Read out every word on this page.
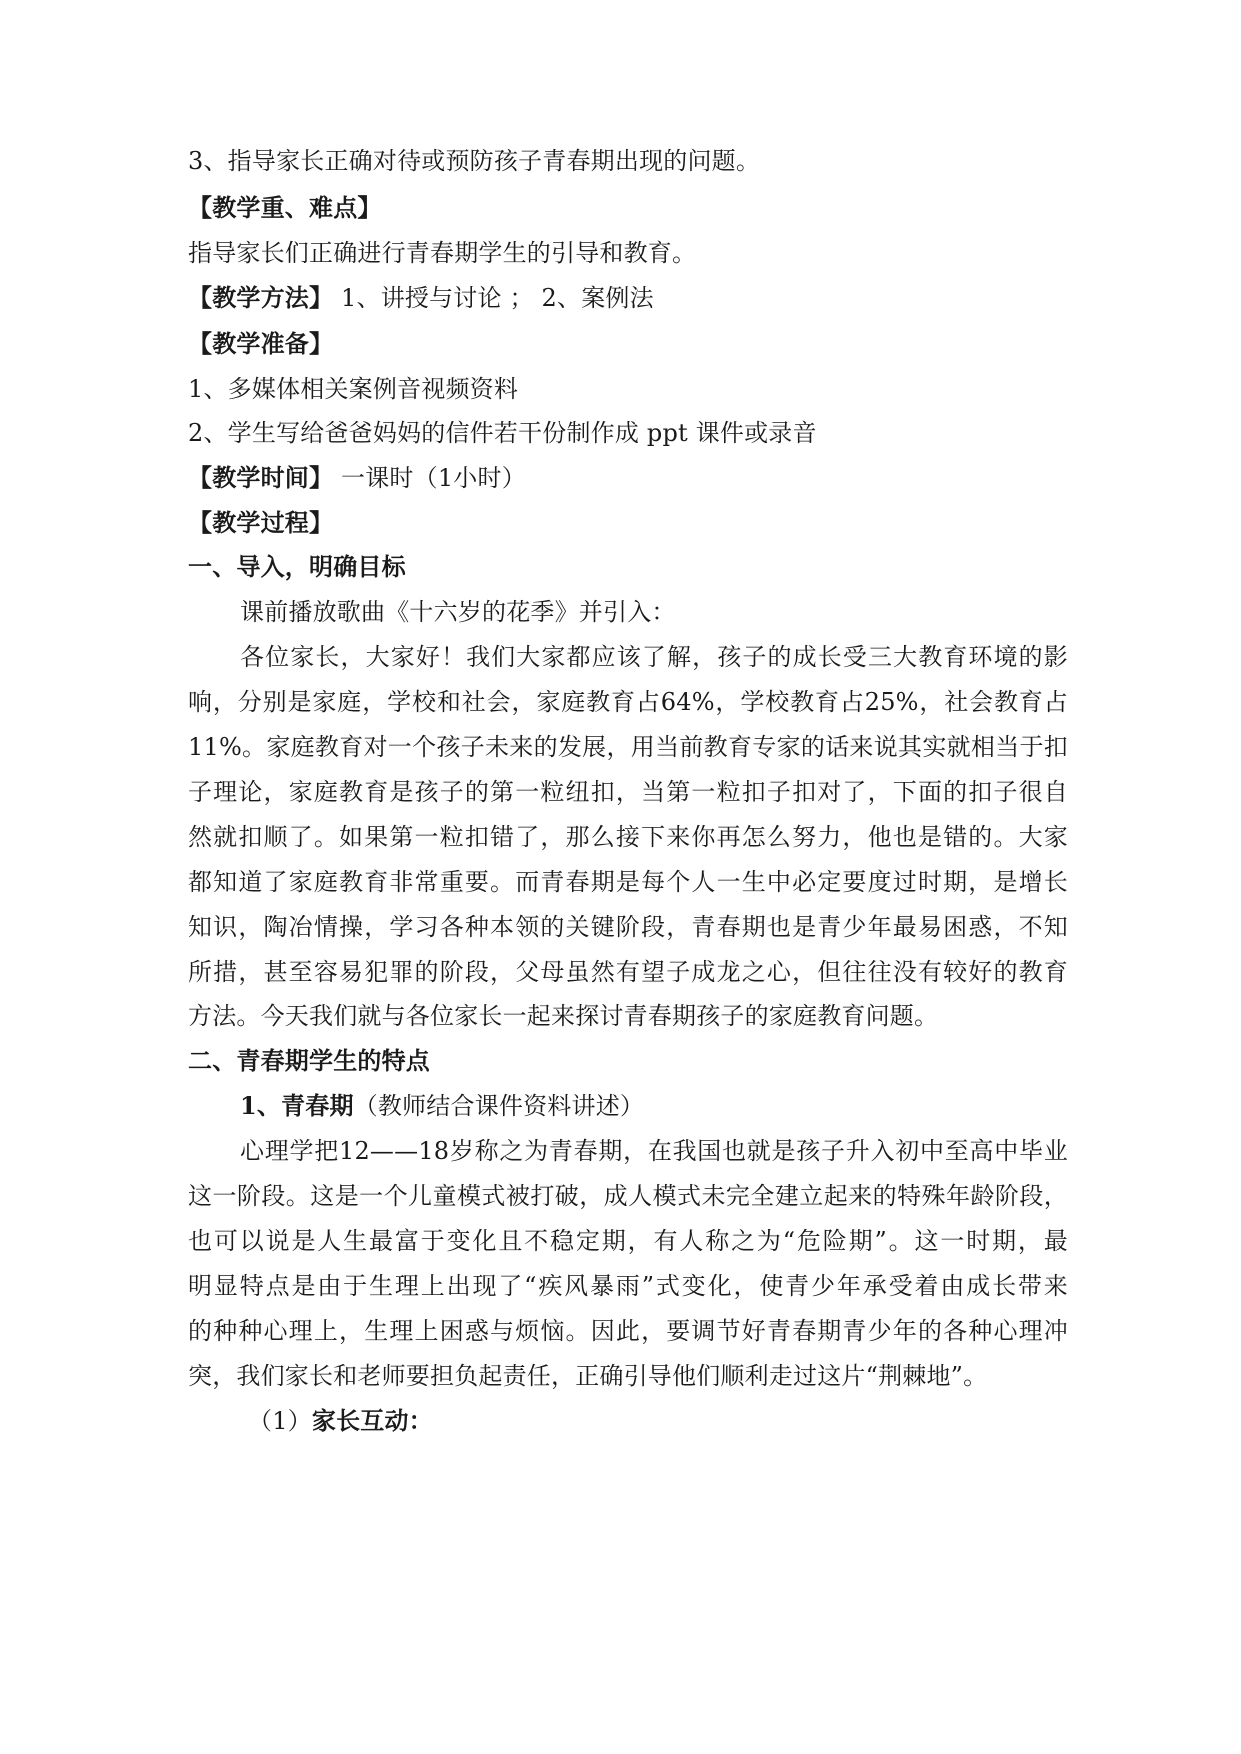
3、指导家长正确对待或预防孩子青春期出现的问题。
【教学重、难点】
指导家长们正确进行青春期学生的引导和教育。
【教学方法】 1、讲授与讨论 ； 2、案例法
【教学准备】
1、多媒体相关案例音视频资料
2、学生写给爸爸妈妈的信件若干份制作成 ppt 课件或录音
【教学时间】 一课时（1小时）
【教学过程】
一、导入，明确目标
课前播放歌曲《十六岁的花季》并引入：
各位家长，大家好！我们大家都应该了解，孩子的成长受三大教育环境的影
响，分别是家庭，学校和社会，家庭教育占64%，学校教育占25%，社会教育占
11%。家庭教育对一个孩子未来的发展，用当前教育专家的话来说其实就相当于扣
子理论，家庭教育是孩子的第一粒纽扣，当第一粒扣子扣对了，下面的扣子很自
然就扣顺了。如果第一粒扣错了，那么接下来你再怎么努力，他也是错的。大家
都知道了家庭教育非常重要。而青春期是每个人一生中必定要度过时期，是增长
知识，陶冶情操，学习各种本领的关键阶段，青春期也是青少年最易困惑，不知
所措，甚至容易犯罪的阶段，父母虽然有望子成龙之心，但往往没有较好的教育
方法。今天我们就与各位家长一起来探讨青春期孩子的家庭教育问题。
二、青春期学生的特点
1、青春期（教师结合课件资料讲述）
心理学把12——18岁称之为青春期，在我国也就是孩子升入初中至高中毕业
这一阶段。这是一个儿童模式被打破，成人模式未完全建立起来的特殊年龄阶段，
也可以说是人生最富于变化且不稳定期，有人称之为“危险期”。这一时期，最
明显特点是由于生理上出现了“疾风暴雨”式变化，使青少年承受着由成长带来
的种种心理上，生理上困惑与烦恼。因此，要调节好青春期青少年的各种心理冲
突，我们家长和老师要担负起责任，正确引导他们顺利走过这片“荆棘地”。
（1）家长互动：
